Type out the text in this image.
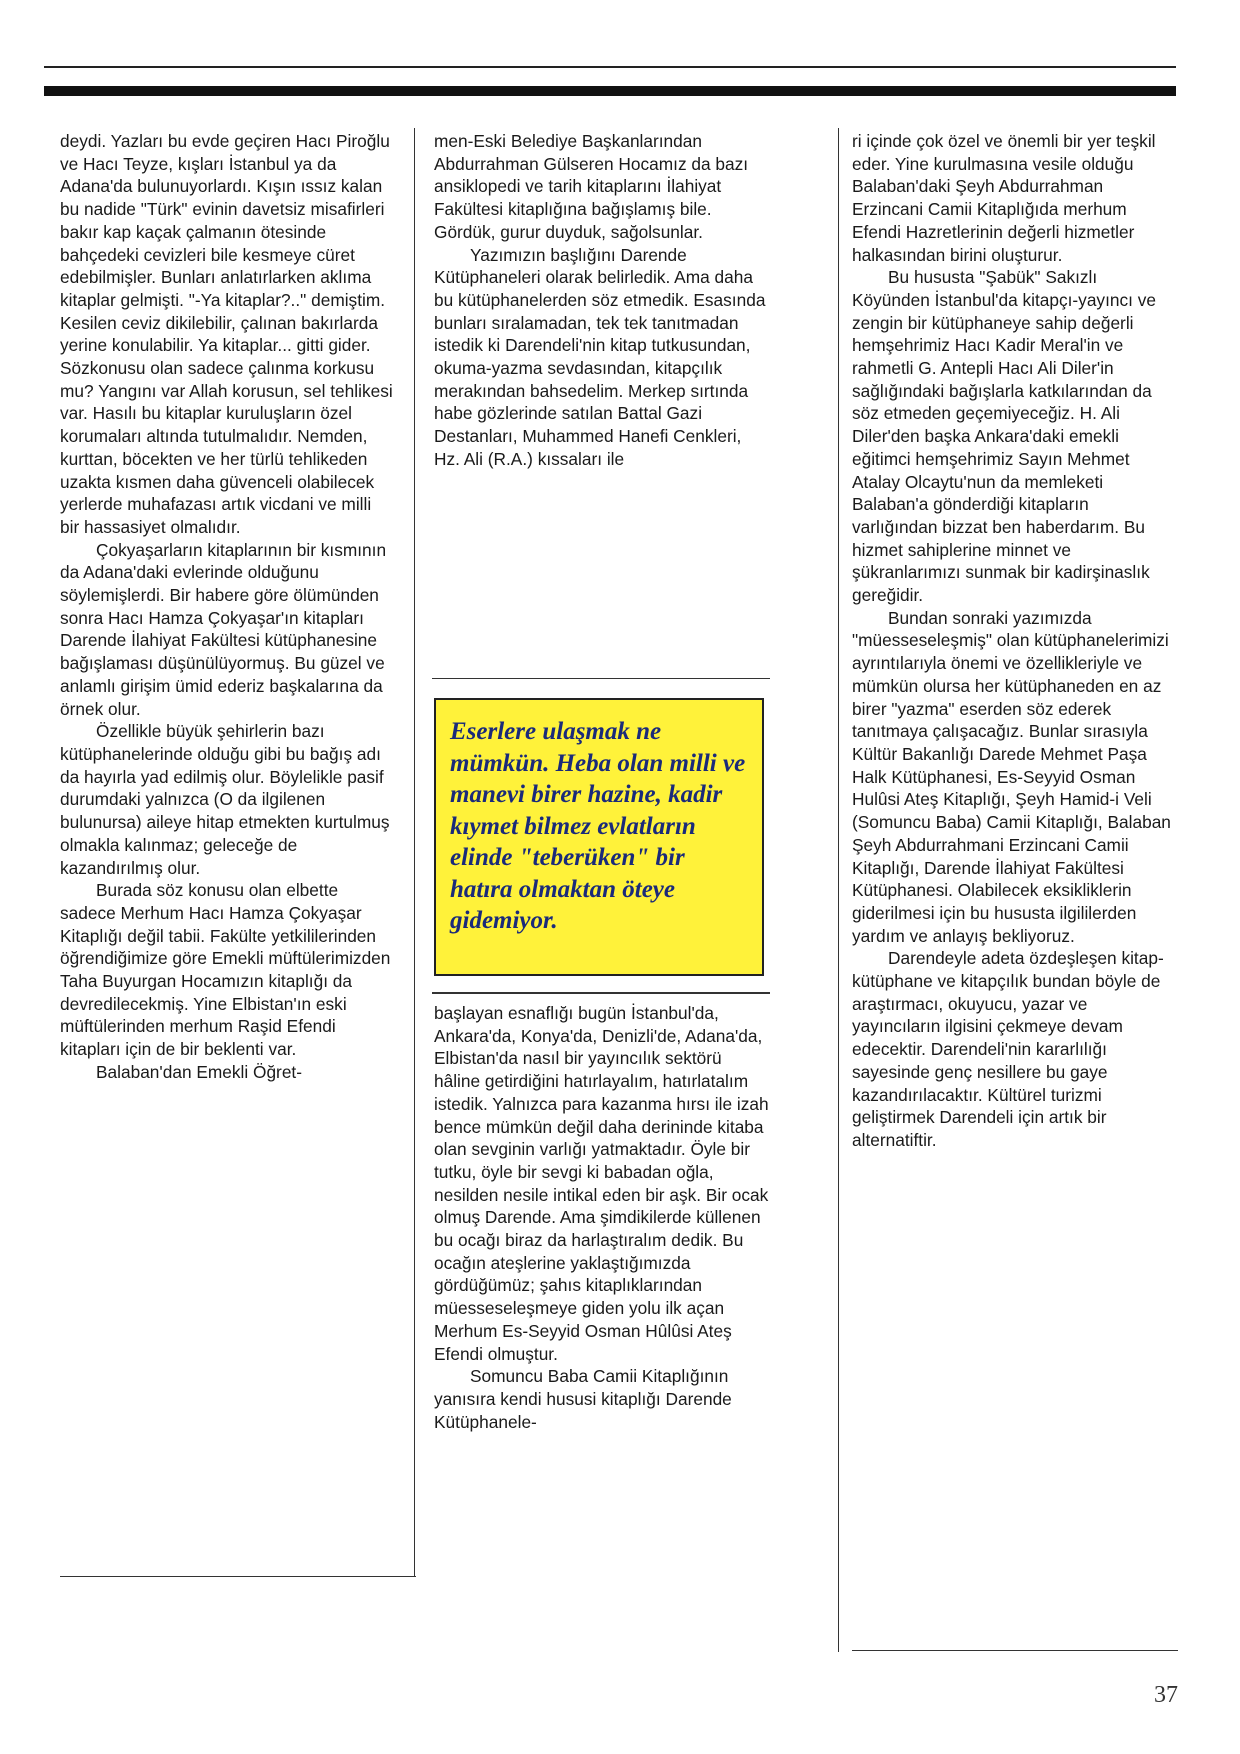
deydi. Yazları bu evde geçiren Hacı Piroğlu ve Hacı Teyze, kışları İstanbul ya da Adana'da bulunuyorlardı. Kışın ıssız kalan bu nadide "Türk" evinin davetsiz misafirleri bakır kap kaçak çalmanın ötesinde bahçedeki cevizleri bile kesmeye cüret edebilmişler. Bunları anlatırlarken aklıma kitaplar gelmişti. "-Ya kitaplar?.." demiştim. Kesilen ceviz dikilebilir, çalınan bakırlarda yerine konulabilir. Ya kitaplar... gitti gider. Sözkonusu olan sadece çalınma korkusu mu? Yangını var Allah korusun, sel tehlikesi var. Hasılı bu kitaplar kuruluşların özel korumaları altında tutulmalıdır. Nemden, kurttan, böcekten ve her türlü tehlikeden uzakta kısmen daha güvenceli olabilecek yerlerde muhafazası artık vicdani ve milli bir hassasiyet olmalıdır.

Çokyaşarların kitaplarının bir kısmının da Adana'daki evlerinde olduğunu söylemişlerdi. Bir habere göre ölümünden sonra Hacı Hamza Çokyaşar'ın kitapları Darende İlahiyat Fakültesi kütüphanesine bağışlaması düşünülüyormuş. Bu güzel ve anlamlı girişim ümid ederiz başkalarına da örnek olur.

Özellikle büyük şehirlerin bazı kütüphanelerinde olduğu gibi bu bağış adı da hayırla yad edilmiş olur. Böylelikle pasif durumdaki yalnızca (O da ilgilenen bulunursa) aileye hitap etmekten kurtulmuş olmakla kalınmaz; geleceğe de kazandırılmış olur.

Burada söz konusu olan elbette sadece Merhum Hacı Hamza Çokyaşar Kitaplığı değil tabii. Fakülte yetkililerinden öğrendiğimize göre Emekli müftülerimizden Taha Buyurgan Hocamızın kitaplığı da devredilecekmiş. Yine Elbistan'ın eski müftülerinden merhum Raşid Efendi kitapları için de bir beklenti var.

Balaban'dan Emekli Öğret-

men-Eski Belediye Başkanlarından Abdurrahman Gülseren Hocamız da bazı ansiklopedi ve tarih kitaplarını İlahiyat Fakültesi kitaplığına bağışlamış bile. Gördük, gurur duyduk, sağolsunlar.

Yazımızın başlığını Darende Kütüphaneleri olarak belirledik. Ama daha bu kütüphanelerden söz etmedik. Esasında bunları sıralamadan, tek tek tanıtmadan istedik ki Darendeli'nin kitap tutkusundan, okuma-yazma sevdasından, kitapçılık merakından bahsedelim. Merkep sırtında habe gözlerinde satılan Battal Gazi Destanları, Muhammed Hanefi Cenkleri, Hz. Ali (R.A.) kıssaları ile

Eserlere ulaşmak ne mümkün. Heba olan milli ve manevi birer hazine, kadir kıymet bilmez evlatların elinde "teberüken" bir hatıra olmaktan öteye gidemiyor.

başlayan esnaflığı bugün İstanbul'da, Ankara'da, Konya'da, Denizli'de, Adana'da, Elbistan'da nasıl bir yayıncılık sektörü hâline getirdiğini hatırlayalım, hatırlatalım istedik. Yalnızca para kazanma hırsı ile izah bence mümkün değil daha derininde kitaba olan sevginin varlığı yatmaktadır. Öyle bir tutku, öyle bir sevgi ki babadan oğla, nesilden nesile intikal eden bir aşk. Bir ocak olmuş Darende. Ama şimdikilerde küllenen bu ocağı biraz da harlaştıralım dedik. Bu ocağın ateşlerine yaklaştığımızda gördüğümüz; şahıs kitaplıklarından müesseseleşmeye giden yolu ilk açan Merhum Es-Seyyid Osman Hûlûsi Ateş Efendi olmuştur.

Somuncu Baba Camii Kitaplığının yanısıra kendi hususi kitaplığı Darende Kütüphanele-

ri içinde çok özel ve önemli bir yer teşkil eder. Yine kurulmasına vesile olduğu Balaban'daki Şeyh Abdurrahman Erzincani Camii Kitaplığıda merhum Efendi Hazretlerinin değerli hizmetler halkasından birini oluşturur.

Bu hususta "Şabük" Sakızlı Köyünden İstanbul'da kitapçı-yayıncı ve zengin bir kütüphaneye sahip değerli hemşehrimiz Hacı Kadir Meral'in ve rahmetli G. Antepli Hacı Ali Diler'in sağlığındaki bağışlarla katkılarından da söz etmeden geçemiyeceğiz. H. Ali Diler'den başka Ankara'daki emekli eğitimci hemşehrimiz Sayın Mehmet Atalay Olcaytu'nun da memleketi Balaban'a gönderdiği kitapların varlığından bizzat ben haberdarım. Bu hizmet sahiplerine minnet ve şükranlarımızı sunmak bir kadirşinaslık gereğidir.

Bundan sonraki yazımızda "müesseseleşmiş" olan kütüphanelerimizi ayrıntılarıyla önemi ve özellikleriyle ve mümkün olursa her kütüphaneden en az birer "yazma" eserden söz ederek tanıtmaya çalışacağız. Bunlar sırasıyla Kültür Bakanlığı Darede Mehmet Paşa Halk Kütüphanesi, Es-Seyyid Osman Hulûsi Ateş Kitaplığı, Şeyh Hamid-i Veli (Somuncu Baba) Camii Kitaplığı, Balaban Şeyh Abdurrahmani Erzincani Camii Kitaplığı, Darende İlahiyat Fakültesi Kütüphanesi. Olabilecek eksikliklerin giderilmesi için bu hususta ilgililerden yardım ve anlayış bekliyoruz.

Darendeyle adeta özdeşleşen kitap-kütüphane ve kitapçılık bundan böyle de araştırmacı, okuyucu, yazar ve yayıncıların ilgisini çekmeye devam edecektir. Darendeli'nin kararlılığı sayesinde genç nesillere bu gaye kazandırılacaktır. Kültürel turizmi geliştirmek Darendeli için artık bir alternatiftir.

37
